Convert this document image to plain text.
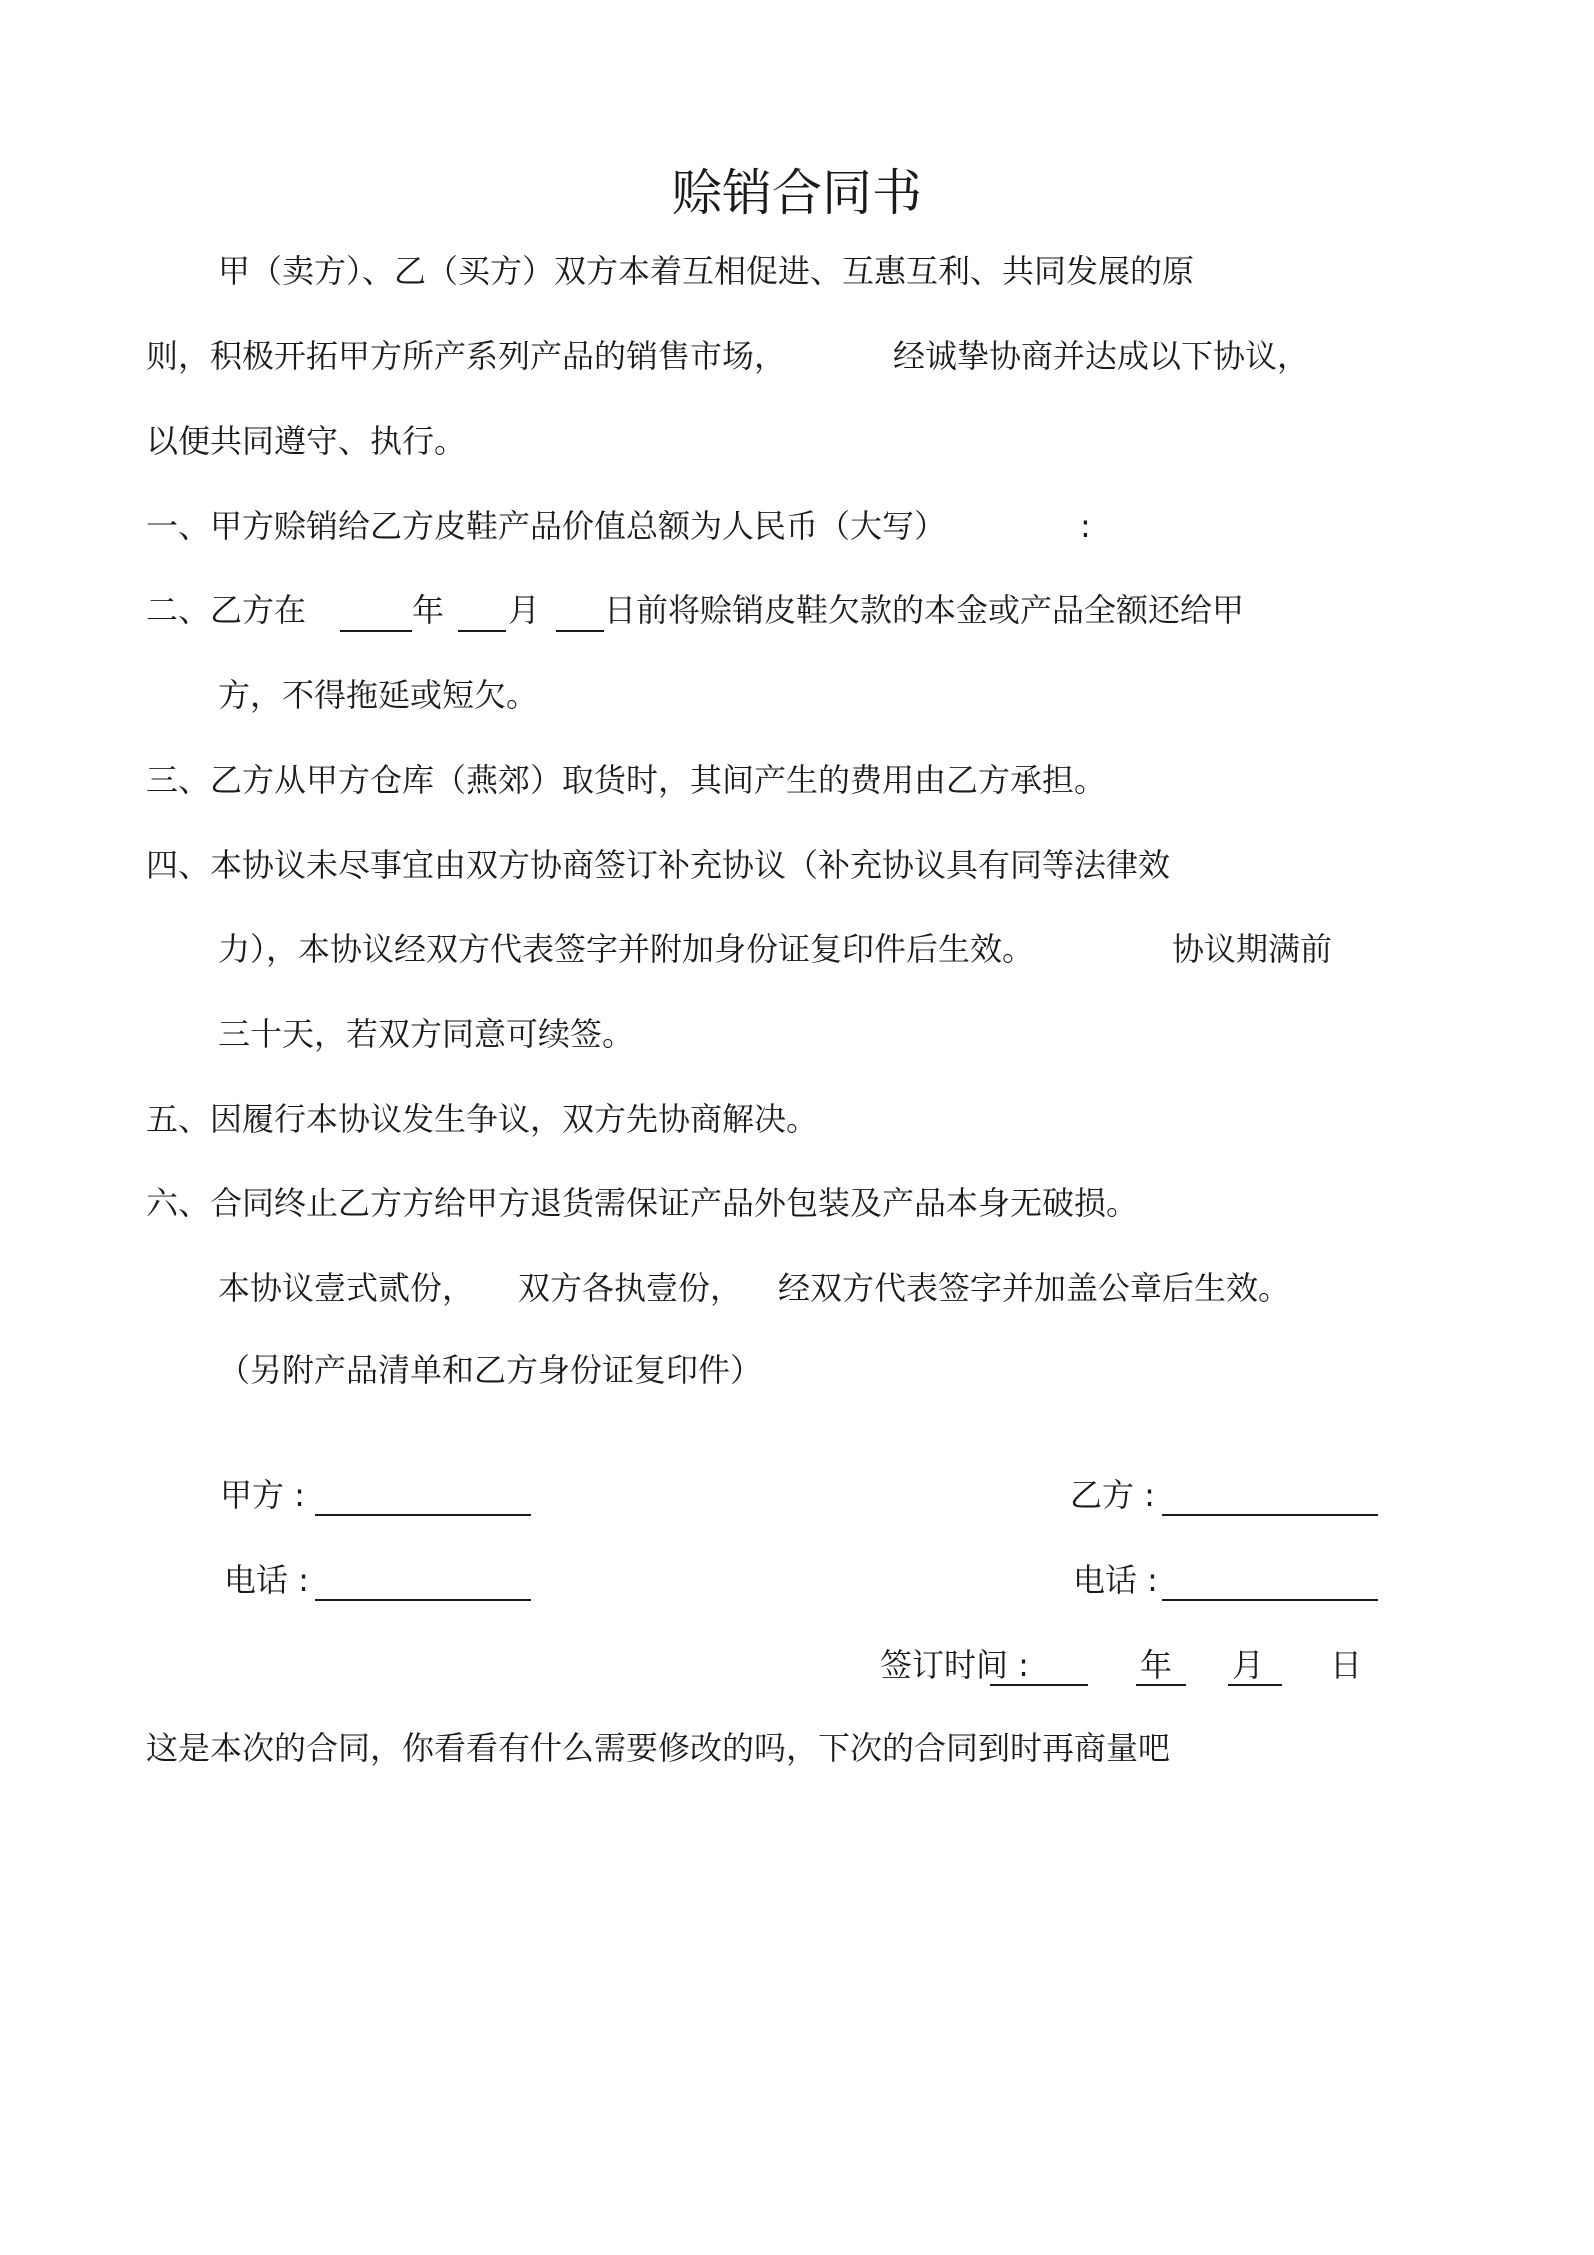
赊销合同书
甲（卖方）、乙（买方）双方本着互相促进、互惠互利、共同发展的原
则，积极开拓甲方所产系列产品的销售市场，	经诚挚协商并达成以下协议，
以便共同遵守、执行。
一、甲方赊销给乙方皮鞋产品价值总额为人民币（大写）	:
二、乙方在	年 月 日前将赊销皮鞋欠款的本金或产品全额还给甲
方，不得拖延或短欠。
三、乙方从甲方仓库（燕郊）取货时，其间产生的费用由乙方承担。
四、本协议未尽事宜由双方协商签订补充协议（补充协议具有同等法律效
力），本协议经双方代表签字并附加身份证复印件后生效。	协议期满前
三十天，若双方同意可续签。
五、因履行本协议发生争议，双方先协商解决。
六、合同终止乙方方给甲方退货需保证产品外包装及产品本身无破损。
本协议壹式贰份， 双方各执壹份， 经双方代表签字并加盖公章后生效。
（另附产品清单和乙方身份证复印件）
甲方 :	乙方 :
电话 :	电话 :
签订时间 :	年 月 日
这是本次的合同，你看看有什么需要修改的吗，下次的合同到时再商量吧
